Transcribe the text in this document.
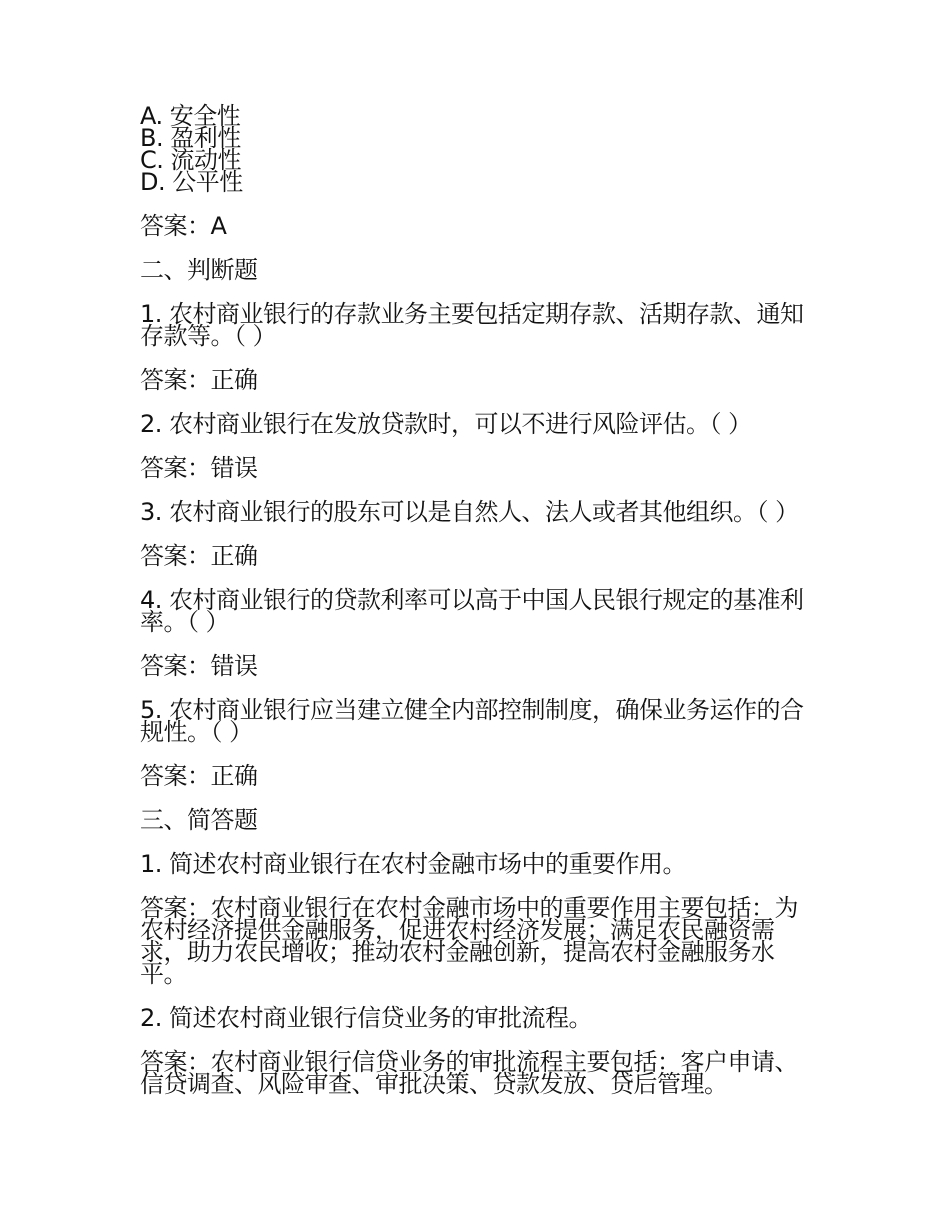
A. 安全性

B. 盈利性

C. 流动性

D. 公平性

答案：A

二、判断题

1. 农村商业银行的存款业务主要包括定期存款、活期存款、通知存款等。（ ）

答案：正确

2. 农村商业银行在发放贷款时，可以不进行风险评估。（ ）

答案：错误

3. 农村商业银行的股东可以是自然人、法人或者其他组织。（ ）

答案：正确

4. 农村商业银行的贷款利率可以高于中国人民银行规定的基准利率。（ ）

答案：错误

5. 农村商业银行应当建立健全内部控制制度，确保业务运作的合规性。（ ）

答案：正确

三、简答题

1. 简述农村商业银行在农村金融市场中的重要作用。

答案：农村商业银行在农村金融市场中的重要作用主要包括：为农村经济提供金融服务，促进农村经济发展；满足农民融资需求，助力农民增收；推动农村金融创新，提高农村金融服务水平。

2. 简述农村商业银行信贷业务的审批流程。

答案：农村商业银行信贷业务的审批流程主要包括：客户申请、信贷调查、风险审查、审批决策、贷款发放、贷后管理。
